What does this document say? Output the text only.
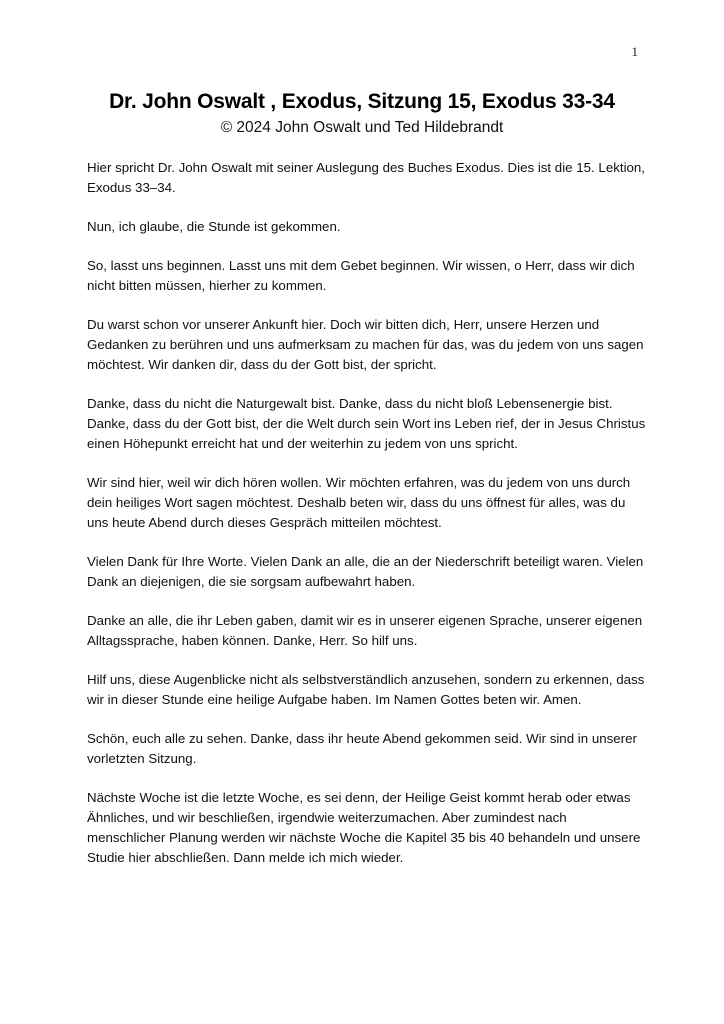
1
Dr. John Oswalt , Exodus, Sitzung 15, Exodus 33-34
© 2024 John Oswalt und Ted Hildebrandt

Hier spricht Dr. John Oswalt mit seiner Auslegung des Buches Exodus. Dies ist die 15. Lektion, Exodus 33–34.

Nun, ich glaube, die Stunde ist gekommen.

So, lasst uns beginnen. Lasst uns mit dem Gebet beginnen. Wir wissen, o Herr, dass wir dich nicht bitten müssen, hierher zu kommen.

Du warst schon vor unserer Ankunft hier. Doch wir bitten dich, Herr, unsere Herzen und Gedanken zu berühren und uns aufmerksam zu machen für das, was du jedem von uns sagen möchtest. Wir danken dir, dass du der Gott bist, der spricht.

Danke, dass du nicht die Naturgewalt bist. Danke, dass du nicht bloß Lebensenergie bist. Danke, dass du der Gott bist, der die Welt durch sein Wort ins Leben rief, der in Jesus Christus einen Höhepunkt erreicht hat und der weiterhin zu jedem von uns spricht.

Wir sind hier, weil wir dich hören wollen. Wir möchten erfahren, was du jedem von uns durch dein heiliges Wort sagen möchtest. Deshalb beten wir, dass du uns öffnest für alles, was du uns heute Abend durch dieses Gespräch mitteilen möchtest.

Vielen Dank für Ihre Worte. Vielen Dank an alle, die an der Niederschrift beteiligt waren. Vielen Dank an diejenigen, die sie sorgsam aufbewahrt haben.

Danke an alle, die ihr Leben gaben, damit wir es in unserer eigenen Sprache, unserer eigenen Alltagssprache, haben können. Danke, Herr. So hilf uns.

Hilf uns, diese Augenblicke nicht als selbstverständlich anzusehen, sondern zu erkennen, dass wir in dieser Stunde eine heilige Aufgabe haben. Im Namen Gottes beten wir. Amen.

Schön, euch alle zu sehen. Danke, dass ihr heute Abend gekommen seid. Wir sind in unserer vorletzten Sitzung.

Nächste Woche ist die letzte Woche, es sei denn, der Heilige Geist kommt herab oder etwas Ähnliches, und wir beschließen, irgendwie weiterzumachen. Aber zumindest nach menschlicher Planung werden wir nächste Woche die Kapitel 35 bis 40 behandeln und unsere Studie hier abschließen. Dann melde ich mich wieder.
